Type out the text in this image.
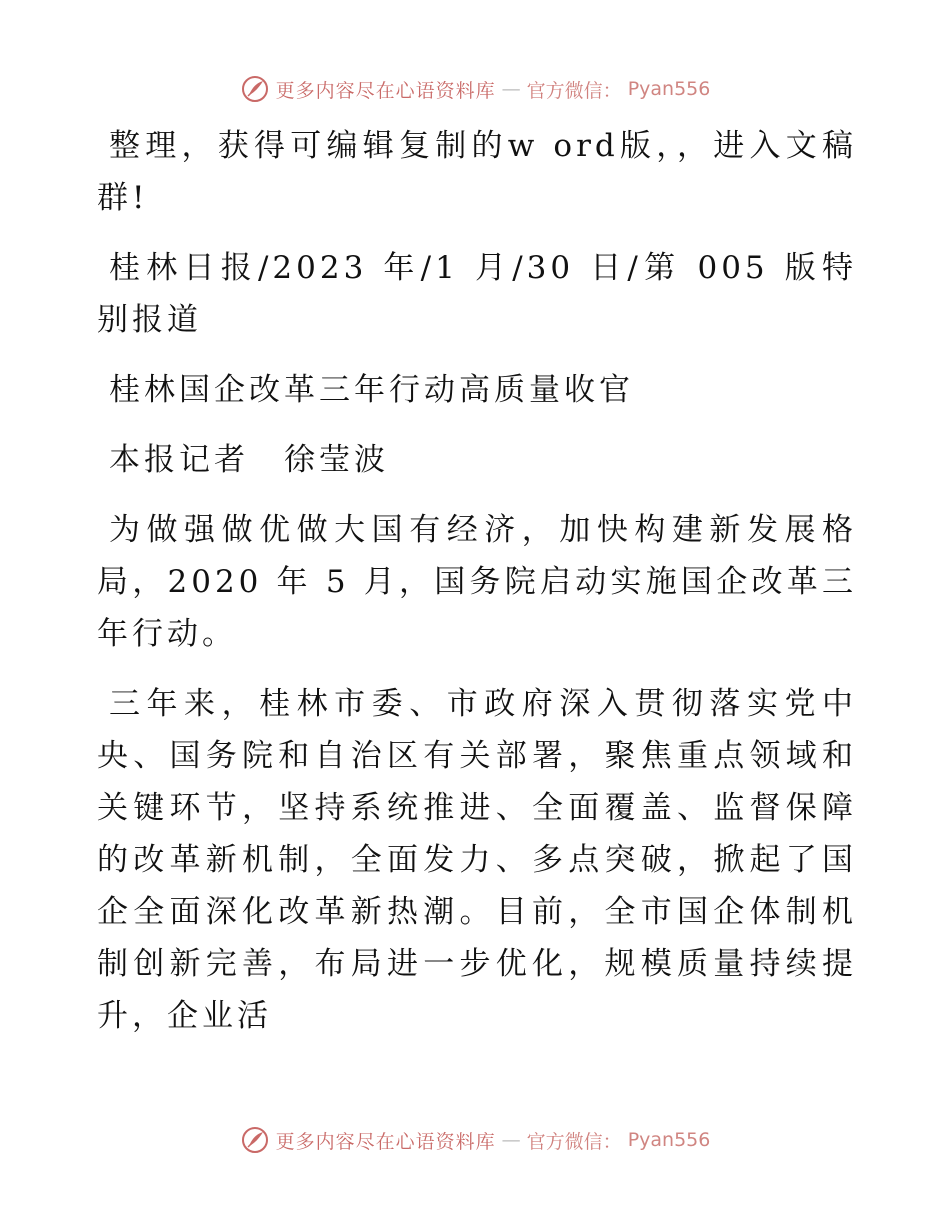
更多内容尽在心语资料库 — 官方微信： Pyan556

整理，获得可编辑复制的w ord版，，进入文稿群!

桂林日报/2023 年/1 月/30 日/第 005 版特别报道

桂林国企改革三年行动高质量收官

本报记者　徐莹波

为做强做优做大国有经济，加快构建新发展格局，2020 年 5 月，国务院启动实施国企改革三年行动。

三年来，桂林市委、市政府深入贯彻落实党中央、国务院和自治区有关部署，聚焦重点领域和关键环节，坚持系统推进、全面覆盖、监督保障的改革新机制，全面发力、多点突破，掀起了国企全面深化改革新热潮。目前，全市国企体制机制创新完善，布局进一步优化，规模质量持续提升，企业活

更多内容尽在心语资料库 — 官方微信： Pyan556
